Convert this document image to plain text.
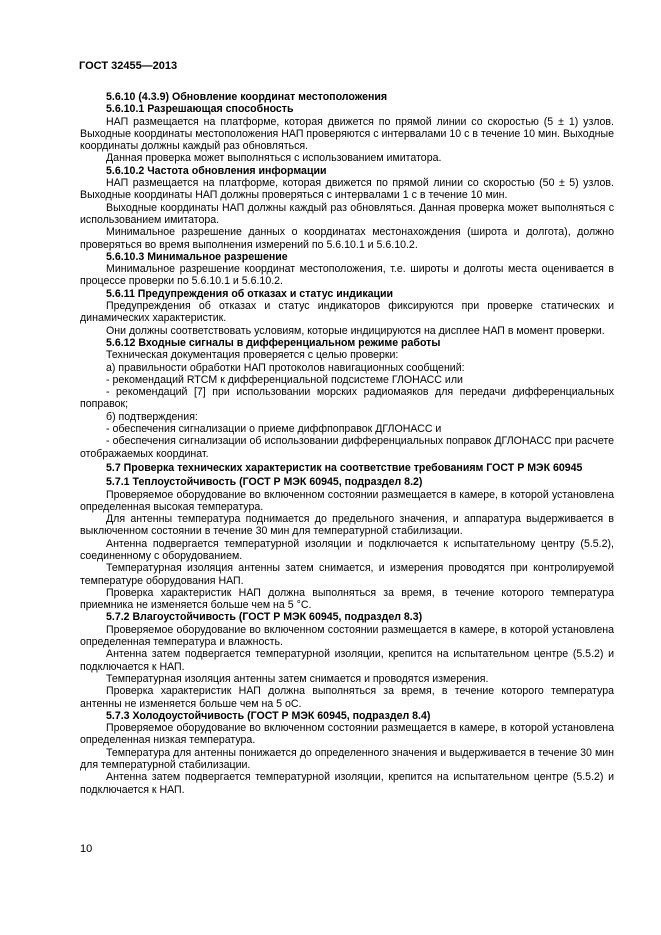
ГОСТ 32455—2013

5.6.10 (4.3.9) Обновление координат местоположения

5.6.10.1 Разрешающая способность

НАП размещается на платформе, которая движется по прямой линии со скоростью (5 ± 1) узлов. Выходные координаты местоположения НАП проверяются с интервалами 10 с в течение 10 мин. Выходные координаты должны каждый раз обновляться.

Данная проверка может выполняться с использованием имитатора.

5.6.10.2 Частота обновления информации

НАП размещается на платформе, которая движется по прямой линии со скоростью (50 ± 5) узлов. Выходные координаты НАП должны проверяться с интервалами 1 с в течение 10 мин.

Выходные координаты НАП должны каждый раз обновляться. Данная проверка может выполняться с использованием имитатора.

Минимальное разрешение данных о координатах местонахождения (широта и долгота), должно проверяться во время выполнения измерений по 5.6.10.1 и 5.6.10.2.

5.6.10.3 Минимальное разрешение

Минимальное разрешение координат местоположения, т.е. широты и долготы места оценивается в процессе проверки по 5.6.10.1 и 5.6.10.2.

5.6.11 Предупреждения об отказах и статус индикации

Предупреждения об отказах и статус индикаторов фиксируются при проверке статических и динамических характеристик.

Они должны соответствовать условиям, которые индицируются на дисплее НАП в момент проверки.

5.6.12 Входные сигналы в дифференциальном режиме работы

Техническая документация проверяется с целью проверки:

а) правильности обработки НАП протоколов навигационных сообщений:

- рекомендаций RTCM к дифференциальной подсистеме ГЛОНАСС или

- рекомендаций [7] при использовании морских радиомаяков для передачи дифференциальных поправок;

б) подтверждения:

- обеспечения сигнализации о приеме диффпоправок ДГЛОНАСС и

- обеспечения сигнализации об использовании дифференциальных поправок ДГЛОНАСС при расчете отображаемых координат.

5.7 Проверка технических характеристик на соответствие требованиям ГОСТ Р МЭК 60945

5.7.1 Теплоустойчивость (ГОСТ Р МЭК 60945, подраздел 8.2)

Проверяемое оборудование во включенном состоянии размещается в камере, в которой установлена определенная высокая температура.

Для антенны температура поднимается до предельного значения, и аппаратура выдерживается в выключенном состоянии в течение 30 мин для температурной стабилизации.

Антенна подвергается температурной изоляции и подключается к испытательному центру (5.5.2), соединенному с оборудованием.

Температурная изоляция антенны затем снимается, и измерения проводятся при контролируемой температуре оборудования НАП.

Проверка характеристик НАП должна выполняться за время, в течение которого температура приемника не изменяется больше чем на 5 °С.

5.7.2 Влагоустойчивость (ГОСТ Р МЭК 60945, подраздел 8.3)

Проверяемое оборудование во включенном состоянии размещается в камере, в которой установлена определенная температура и влажность.

Антенна затем подвергается температурной изоляции, крепится на испытательном центре (5.5.2) и подключается к НАП.

Температурная изоляция антенны затем снимается и проводятся измерения.

Проверка характеристик НАП должна выполняться за время, в течение которого температура антенны не изменяется больше чем на 5 оС.

5.7.3 Холодоустойчивость (ГОСТ Р МЭК 60945, подраздел 8.4)

Проверяемое оборудование во включенном состоянии размещается в камере, в которой установлена определенная низкая температура.

Температура для антенны понижается до определенного значения и выдерживается в течение 30 мин для температурной стабилизации.

Антенна затем подвергается температурной изоляции, крепится на испытательном центре (5.5.2) и подключается к НАП.

10
